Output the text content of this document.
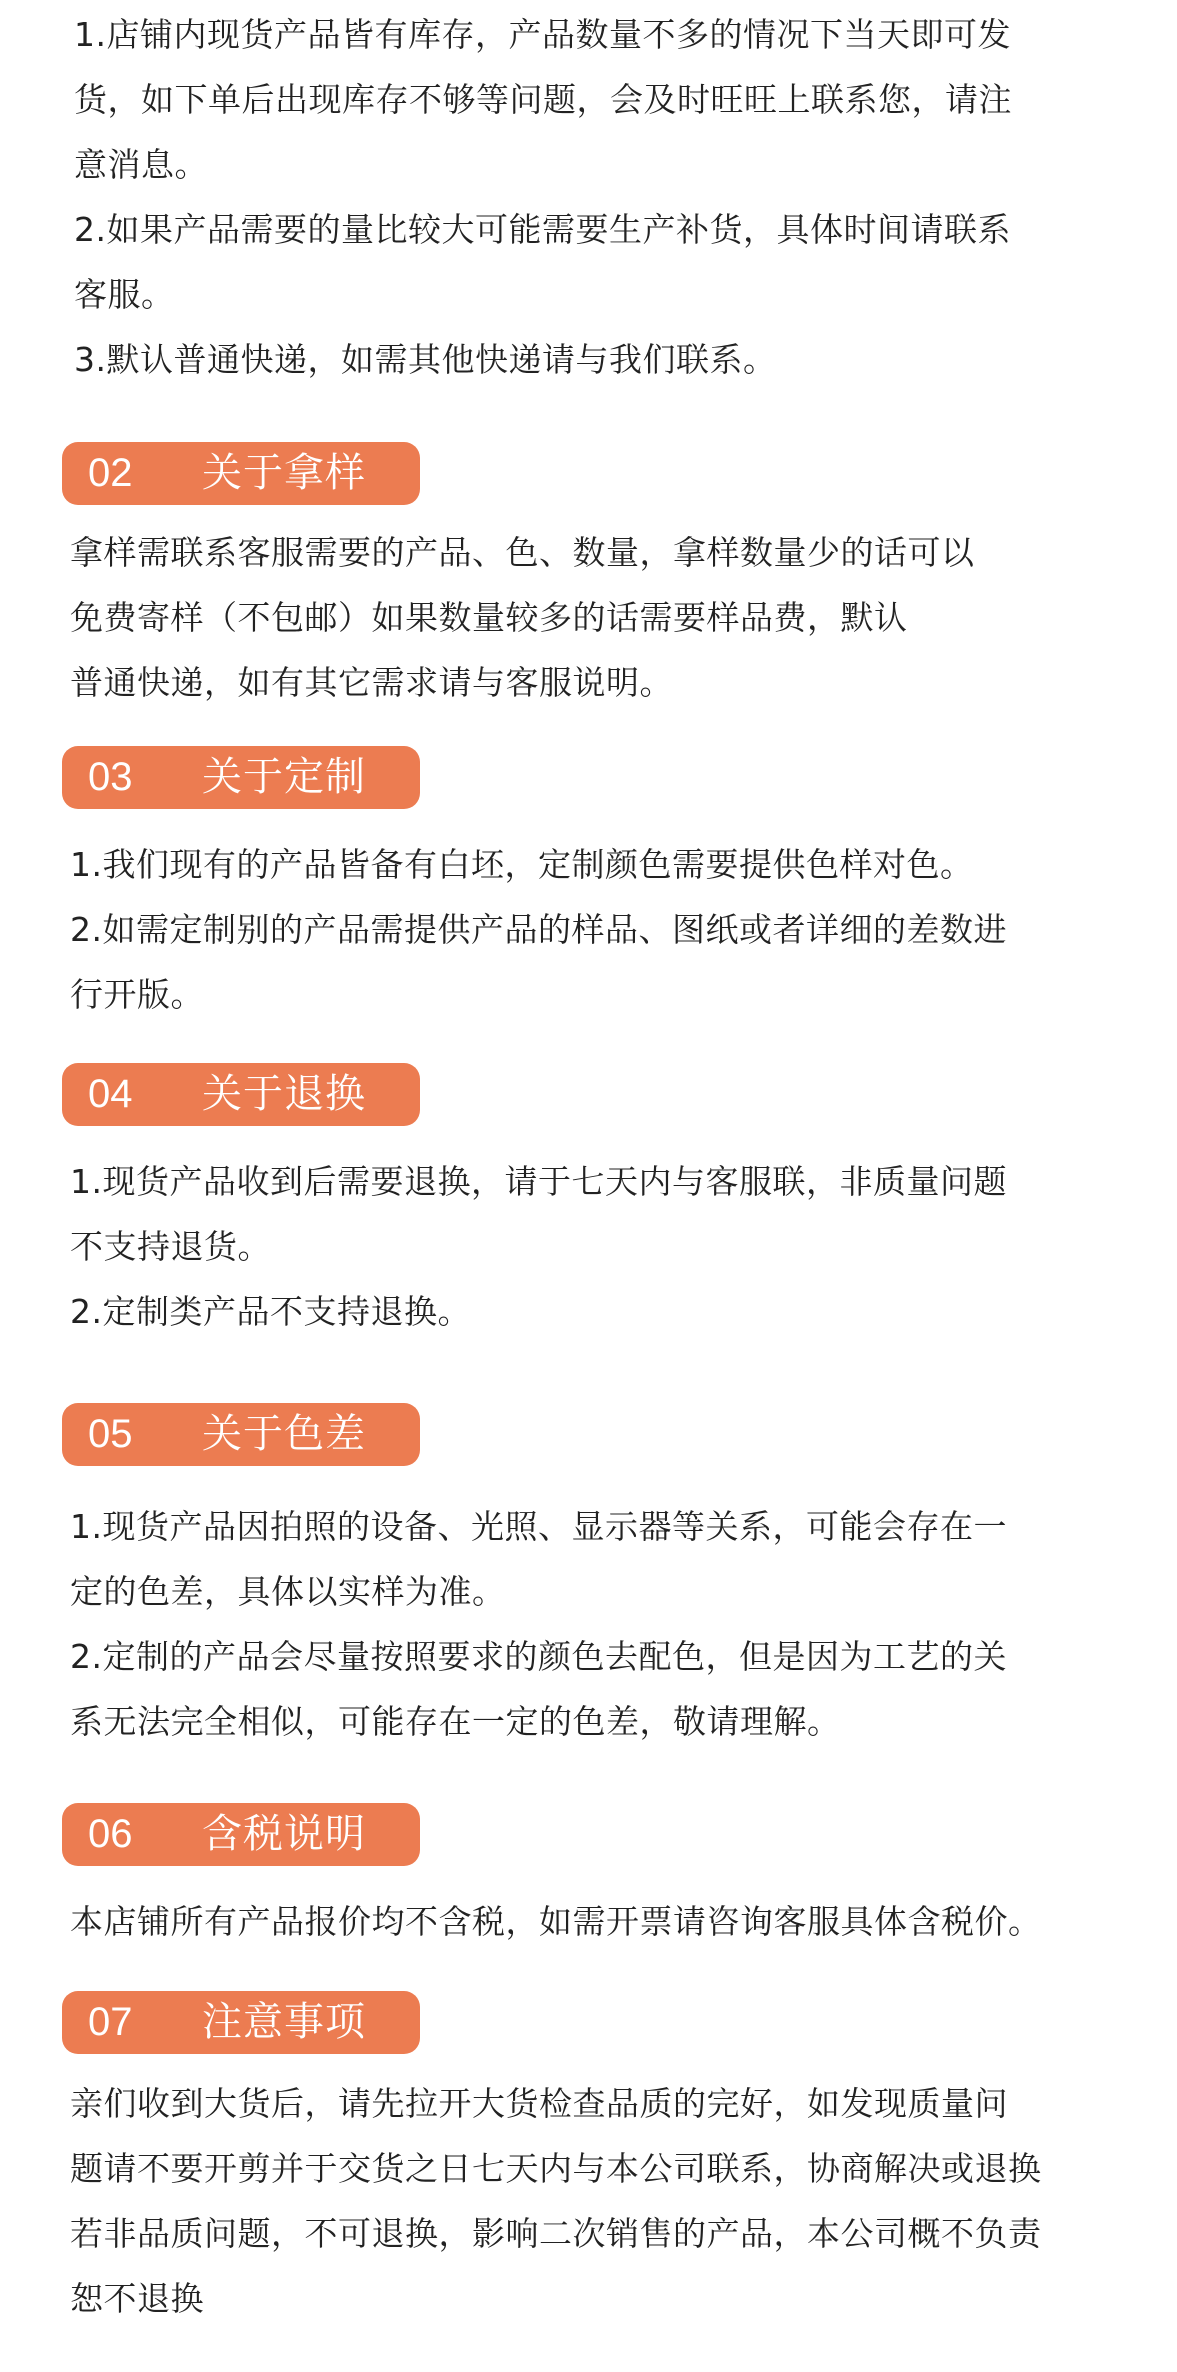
1.店铺内现货产品皆有库存，产品数量不多的情况下当天即可发
货，如下单后出现库存不够等问题，会及时旺旺上联系您，请注
意消息。
2.如果产品需要的量比较大可能需要生产补货，具体时间请联系
客服。
3.默认普通快递，如需其他快递请与我们联系。
02 关于拿样
拿样需联系客服需要的产品、色、数量，拿样数量少的话可以
免费寄样（不包邮）如果数量较多的话需要样品费，默认
普通快递，如有其它需求请与客服说明。
03 关于定制
1.我们现有的产品皆备有白坯，定制颜色需要提供色样对色。
2.如需定制别的产品需提供产品的样品、图纸或者详细的差数进
行开版。
04 关于退换
1.现货产品收到后需要退换，请于七天内与客服联，非质量问题
不支持退货。
2.定制类产品不支持退换。
05 关于色差
1.现货产品因拍照的设备、光照、显示器等关系，可能会存在一
定的色差，具体以实样为准。
2.定制的产品会尽量按照要求的颜色去配色，但是因为工艺的关
系无法完全相似，可能存在一定的色差，敬请理解。
06 含税说明
本店铺所有产品报价均不含税，如需开票请咨询客服具体含税价。
07 注意事项
亲们收到大货后，请先拉开大货检查品质的完好，如发现质量问
题请不要开剪并于交货之日七天内与本公司联系，协商解决或退换
若非品质问题，不可退换，影响二次销售的产品，本公司概不负责
恕不退换
